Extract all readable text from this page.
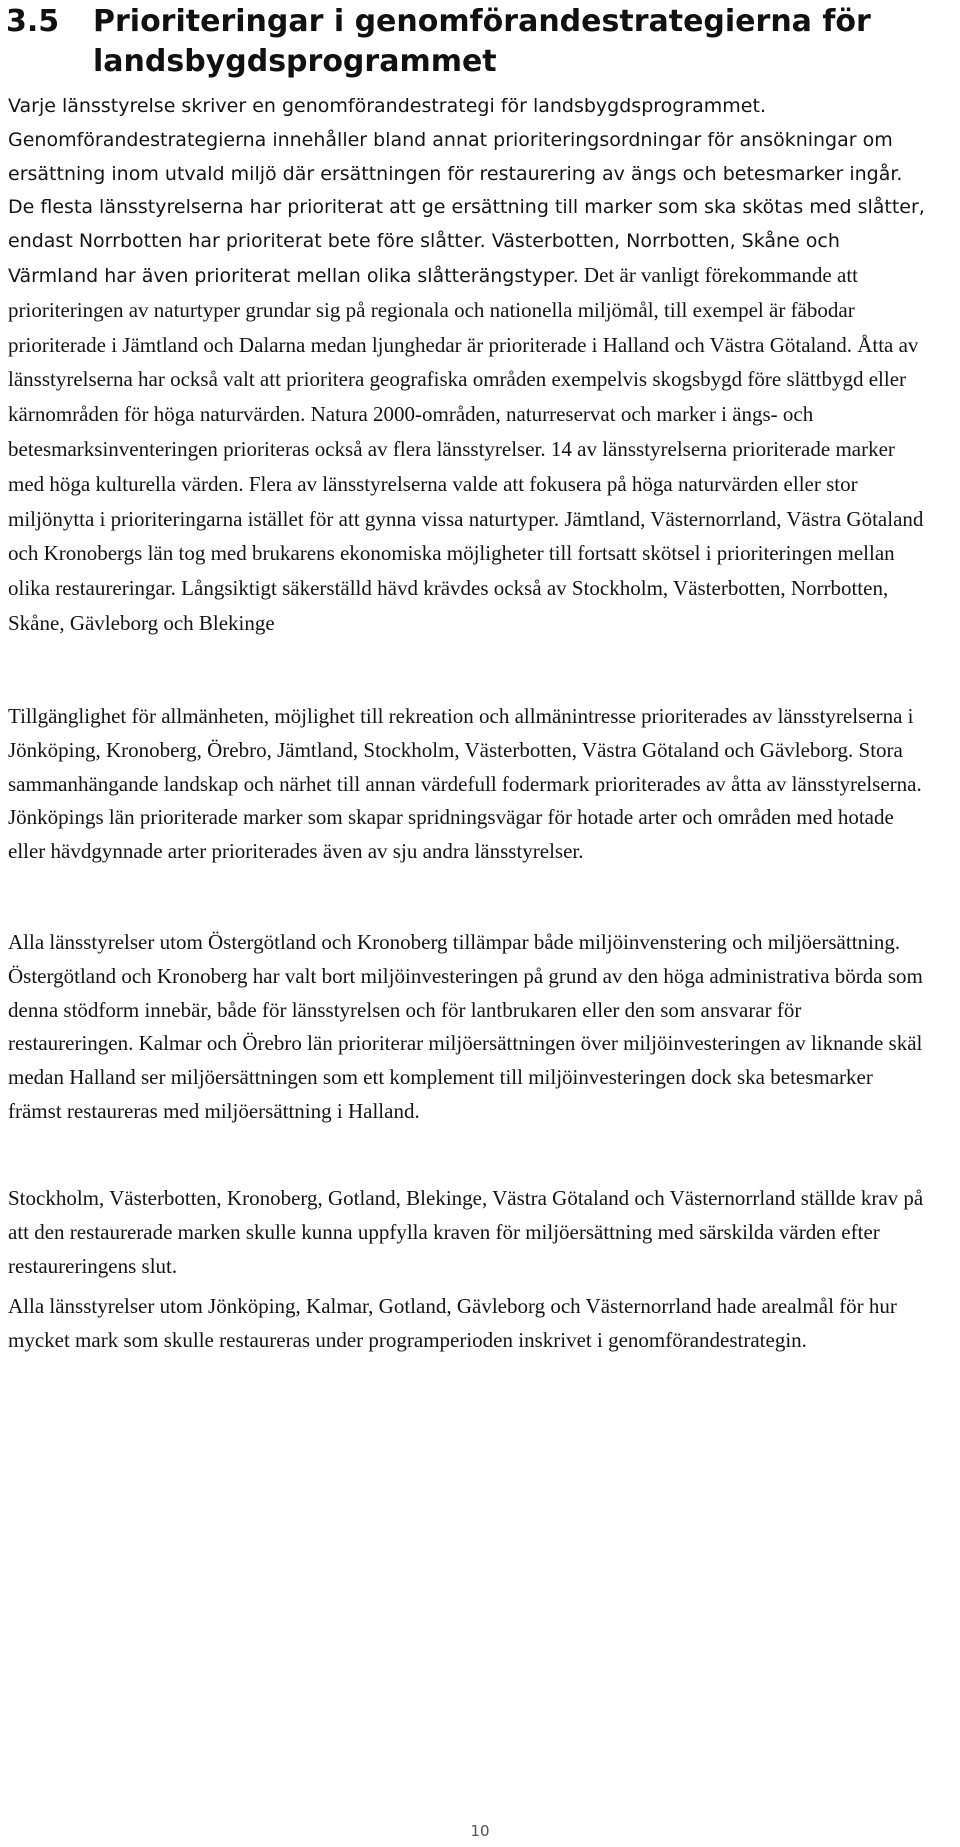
3.5 Prioriteringar i genomförandestrategierna för
landsbygdsprogrammet

Varje länsstyrelse skriver en genomförandestrategi för landsbygdsprogrammet. Genomförandestrategierna innehåller bland annat prioriteringsordningar för ansökningar om ersättning inom utvald miljö där ersättningen för restaurering av ängs och betesmarker ingår. De flesta länsstyrelserna har prioriterat att ge ersättning till marker som ska skötas med slåtter, endast Norrbotten har prioriterat bete före slåtter. Västerbotten, Norrbotten, Skåne och Värmland har även prioriterat mellan olika slåtterängstyper. Det är vanligt förekommande att prioriteringen av naturtyper grundar sig på regionala och nationella miljömål, till exempel är fäbodar prioriterade i Jämtland och Dalarna medan ljunghedar är prioriterade i Halland och Västra Götaland. Åtta av länsstyrelserna har också valt att prioritera geografiska områden exempelvis skogsbygd före slättbygd eller kärnområden för höga naturvärden. Natura 2000-områden, naturreservat och marker i ängs- och betesmarksinventeringen prioriteras också av flera länsstyrelser. 14 av länsstyrelserna prioriterade marker med höga kulturella värden. Flera av länsstyrelserna valde att fokusera på höga naturvärden eller stor miljönytta i prioriteringarna istället för att gynna vissa naturtyper. Jämtland, Västernorrland, Västra Götaland och Kronobergs län tog med brukarens ekonomiska möjligheter till fortsatt skötsel i prioriteringen mellan olika restaureringar. Långsiktigt säkerställd hävd krävdes också av Stockholm, Västerbotten, Norrbotten, Skåne, Gävleborg och Blekinge

Tillgänglighet för allmänheten, möjlighet till rekreation och allmänintresse prioriterades av länsstyrelserna i Jönköping, Kronoberg, Örebro, Jämtland, Stockholm, Västerbotten, Västra Götaland och Gävleborg. Stora sammanhängande landskap och närhet till annan värdefull fodermark prioriterades av åtta av länsstyrelserna. Jönköpings län prioriterade marker som skapar spridningsvägar för hotade arter och områden med hotade eller hävdgynnade arter prioriterades även av sju andra länsstyrelser.

Alla länsstyrelser utom Östergötland och Kronoberg tillämpar både miljöinvenstering och miljöersättning. Östergötland och Kronoberg har valt bort miljöinvesteringen på grund av den höga administrativa börda som denna stödform innebär, både för länsstyrelsen och för lantbrukaren eller den som ansvarar för restaureringen. Kalmar och Örebro län prioriterar miljöersättningen över miljöinvesteringen av liknande skäl medan Halland ser miljöersättningen som ett komplement till miljöinvesteringen dock ska betesmarker främst restaureras med miljöersättning i Halland.

Stockholm, Västerbotten, Kronoberg, Gotland, Blekinge, Västra Götaland och Västernorrland ställde krav på att den restaurerade marken skulle kunna uppfylla kraven för miljöersättning med särskilda värden efter restaureringens slut.

Alla länsstyrelser utom Jönköping, Kalmar, Gotland, Gävleborg och Västernorrland hade arealmål för hur mycket mark som skulle restaureras under programperioden inskrivet i genomförandestrategin.

10
